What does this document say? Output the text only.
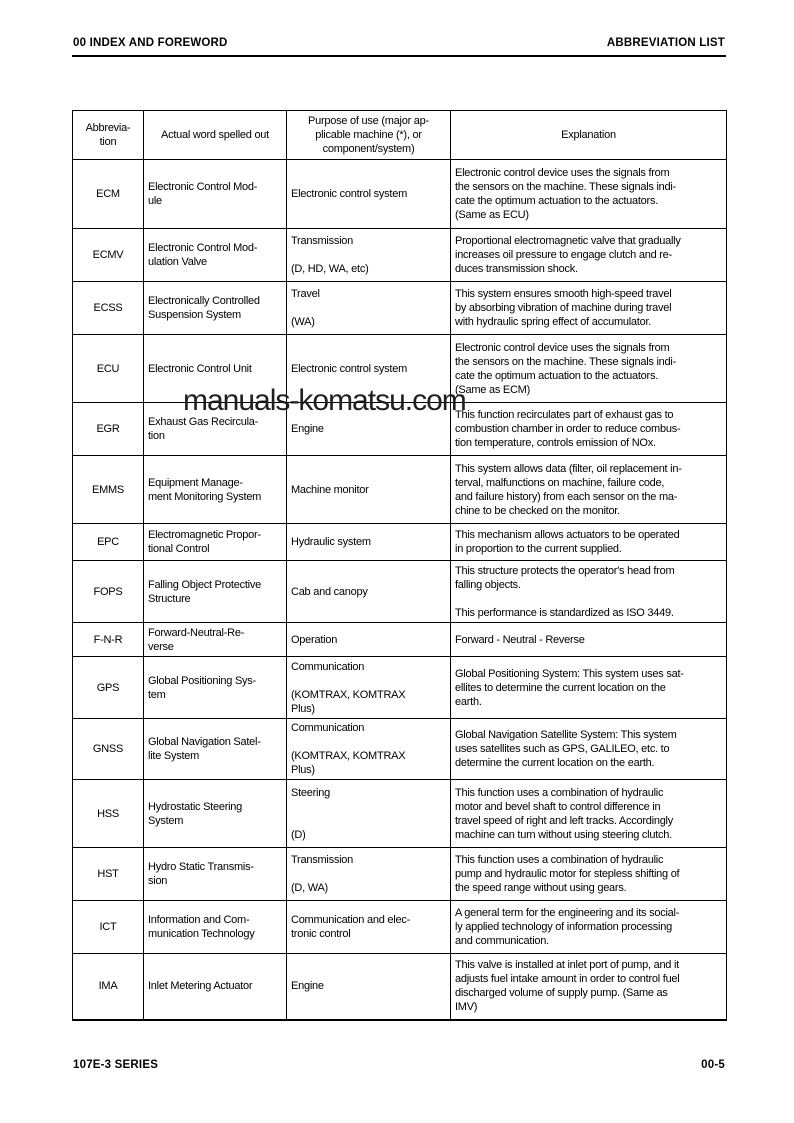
00 INDEX AND FOREWORD	ABBREVIATION LIST
manuals-komatsu.com
Abbrevia-
tion	Actual word spelled out	Purpose of use (major ap-
plicable machine (*), or
component/system)	Explanation
ECM	Electronic Control Mod-
ule	Electronic control system	Electronic control device uses the signals from
the sensors on the machine. These signals indi-
cate the optimum actuation to the actuators.
(Same as ECU)
ECMV	Electronic Control Mod-
ulation Valve	Transmission

(D, HD, WA, etc)	Proportional electromagnetic valve that gradually
increases oil pressure to engage clutch and re-
duces transmission shock.
ECSS	Electronically Controlled
Suspension System	Travel

(WA)	This system ensures smooth high-speed travel
by absorbing vibration of machine during travel
with hydraulic spring effect of accumulator.
ECU	Electronic Control Unit	Electronic control system	Electronic control device uses the signals from
the sensors on the machine. These signals indi-
cate the optimum actuation to the actuators.
(Same as ECM)
EGR	Exhaust Gas Recircula-
tion	Engine	This function recirculates part of exhaust gas to
combustion chamber in order to reduce combus-
tion temperature, controls emission of NOx.
EMMS	Equipment Manage-
ment Monitoring System	Machine monitor	This system allows data (filter, oil replacement in-
terval, malfunctions on machine, failure code,
and failure history) from each sensor on the ma-
chine to be checked on the monitor.
EPC	Electromagnetic Propor-
tional Control	Hydraulic system	This mechanism allows actuators to be operated
in proportion to the current supplied.
FOPS	Falling Object Protective
Structure	Cab and canopy	This structure protects the operator's head from
falling objects.

This performance is standardized as ISO 3449.
F-N-R	Forward-Neutral-Re-
verse	Operation	Forward - Neutral - Reverse
GPS	Global Positioning Sys-
tem	Communication

(KOMTRAX, KOMTRAX
Plus)	Global Positioning System: This system uses sat-
ellites to determine the current location on the
earth.
GNSS	Global Navigation Satel-
lite System	Communication

(KOMTRAX, KOMTRAX
Plus)	Global Navigation Satellite System: This system
uses satellites such as GPS, GALILEO, etc. to
determine the current location on the earth.
HSS	Hydrostatic Steering
System	Steering

(D)	This function uses a combination of hydraulic
motor and bevel shaft to control difference in
travel speed of right and left tracks. Accordingly
machine can turn without using steering clutch.
HST	Hydro Static Transmis-
sion	Transmission

(D, WA)	This function uses a combination of hydraulic
pump and hydraulic motor for stepless shifting of
the speed range without using gears.
ICT	Information and Com-
munication Technology	Communication and elec-
tronic control	A general term for the engineering and its social-
ly applied technology of information processing
and communication.
IMA	Inlet Metering Actuator	Engine	This valve is installed at inlet port of pump, and it
adjusts fuel intake amount in order to control fuel
discharged volume of supply pump. (Same as
IMV)
107E-3 SERIES	00-5
